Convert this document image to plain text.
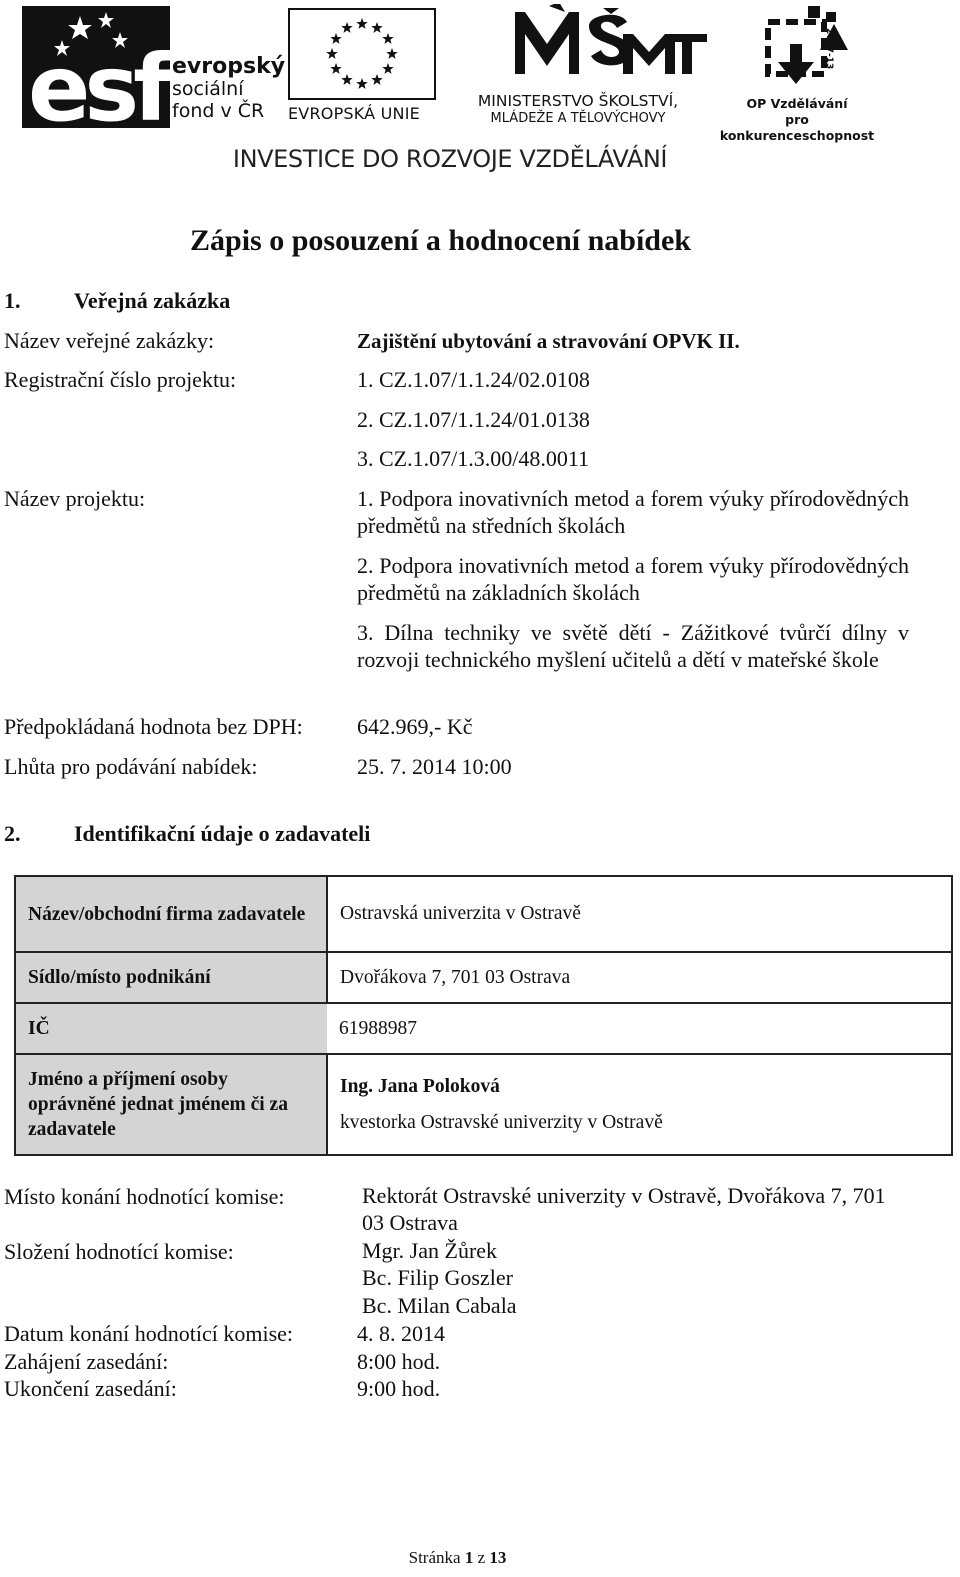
esf evropský
sociální
fond v ČR	EVROPSKÁ UNIE
MINISTERSTVO ŠKOLSTVÍ,
MLÁDEŽE A TĚLOVÝCHOVY
2007-13
OP Vzdělávání
pro konkurenceschopnost
INVESTICE DO ROZVOJE VZDĚLÁVÁNÍ
Zápis o posouzení a hodnocení nabídek
1. Veřejná zakázka
Název veřejné zakázky:	Zajištění ubytování a stravování OPVK II.
Registrační číslo projektu:	1. CZ.1.07/1.1.24/02.0108
2. CZ.1.07/1.1.24/01.0138
3. CZ.1.07/1.3.00/48.0011
Název projektu:	1. Podpora inovativních metod a forem výuky přírodovědných předmětů na středních školách
2. Podpora inovativních metod a forem výuky přírodovědných předmětů na základních školách
3. Dílna techniky ve světě dětí - Zážitkové tvůrčí dílny v rozvoji technického myšlení učitelů a dětí v mateřské škole
Předpokládaná hodnota bez DPH: 642.969,- Kč
Lhůta pro podávání nabídek:	25. 7. 2014 10:00
2. Identifikační údaje o zadavateli
Název/obchodní firma zadavatele	Ostravská univerzita v Ostravě
Sídlo/místo podnikání	Dvořákova 7, 701 03 Ostrava
IČ	61988987
Jméno a příjmení osoby oprávněné jednat jménem či za zadavatele	Ing. Jana Poloková
kvestorka Ostravské univerzity v Ostravě
Místo konání hodnotící komise:	Rektorát Ostravské univerzity v Ostravě, Dvořákova 7, 701 03 Ostrava
Složení hodnotící komise:	Mgr. Jan Žůrek
Bc. Filip Goszler
Bc. Milan Cabala
Datum konání hodnotící komise:	4. 8. 2014
Zahájení zasedání:	8:00 hod.
Ukončení zasedání:	9:00 hod.
Stránka 1 z 13
